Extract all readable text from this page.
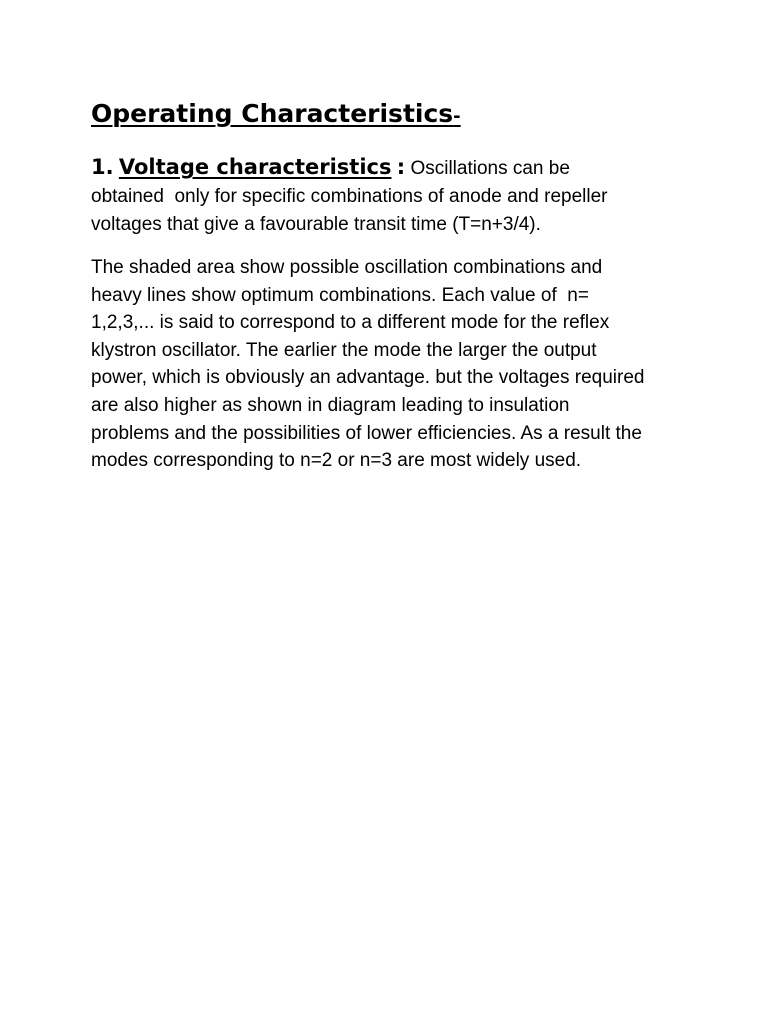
Operating Characteristics-

1. Voltage characteristics : Oscillations can be
obtained  only for specific combinations of anode and repeller
voltages that give a favourable transit time (T=n+3/4).

The shaded area show possible oscillation combinations and
heavy lines show optimum combinations. Each value of  n=
1,2,3,... is said to correspond to a different mode for the reflex
klystron oscillator. The earlier the mode the larger the output
power, which is obviously an advantage. but the voltages required
are also higher as shown in diagram leading to insulation
problems and the possibilities of lower efficiencies. As a result the
modes corresponding to n=2 or n=3 are most widely used.
